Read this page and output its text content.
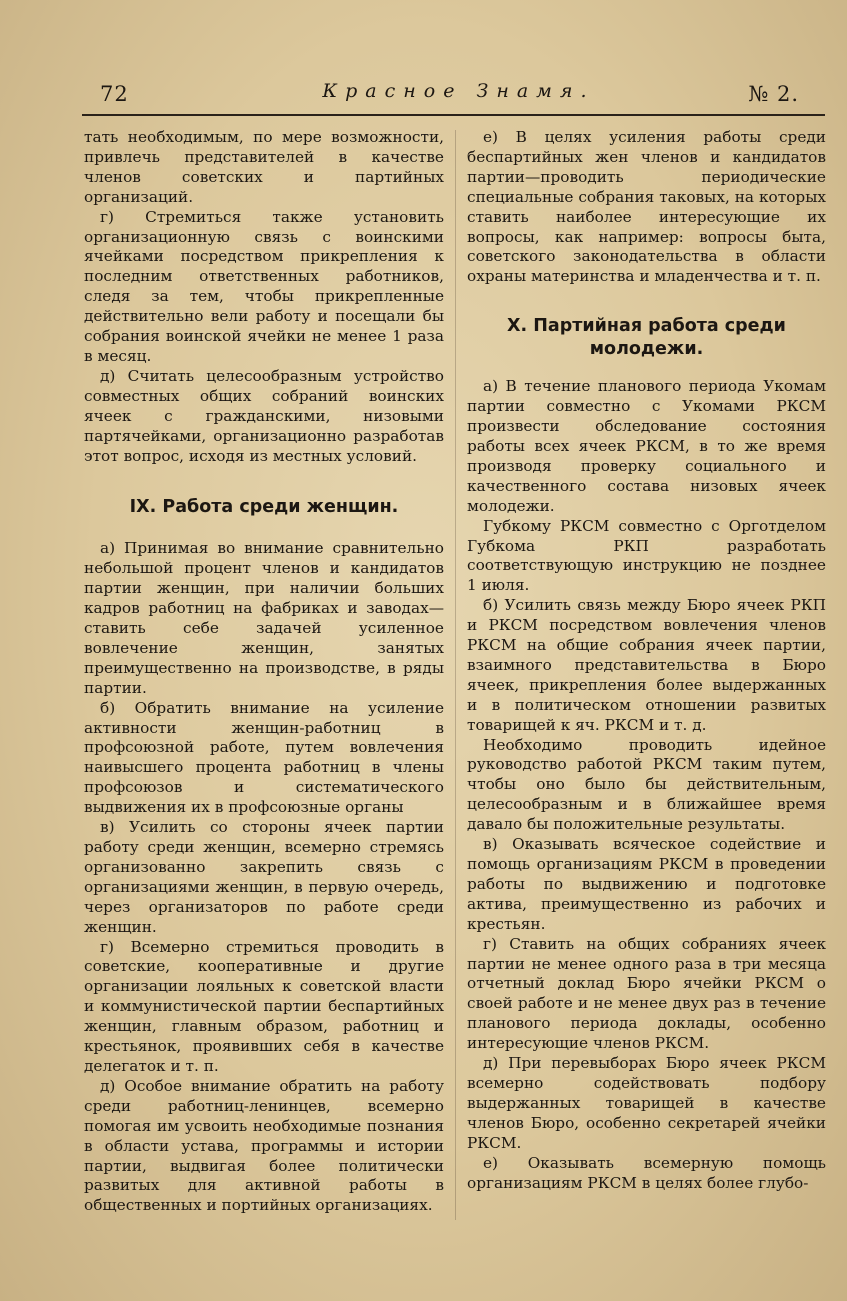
72	Красное Знамя.	№ 2.

тать необходимым, по мере возможности, привлечь представителей в качестве членов советских и партийных организаций.

г) Стремиться также установить организационную связь с воинскими ячейками посредством прикрепления к последним ответственных работников, следя за тем, чтобы прикрепленные действительно вели работу и посещали бы собрания воинской ячейки не менее 1 раза в месяц.

д) Считать целесообразным устройство совместных общих собраний воинских ячеек с гражданскими, низовыми партячейками, организационно разработав этот вопрос, исходя из местных условий.

IX. Работа среди женщин.

а) Принимая во внимание сравнительно небольшой процент членов и кандидатов партии женщин, при наличии больших кадров работниц на фабриках и заводах—ставить себе задачей усиленное вовлечение женщин, занятых преимущественно на производстве, в ряды партии.

б) Обратить внимание на усиление активности женщин-работниц в профсоюзной работе, путем вовлечения наивысшего процента работниц в члены профсоюзов и систематического выдвижения их в профсоюзные органы

в) Усилить со стороны ячеек партии работу среди женщин, всемерно стремясь организованно закрепить связь с организациями женщин, в первую очередь, через организаторов по работе среди женщин.

г) Всемерно стремиться проводить в советские, кооперативные и другие организации лояльных к советской власти и коммунистической партии беспартийных женщин, главным образом, работниц и крестьянок, проявивших себя в качестве делегаток и т. п.

д) Особое внимание обратить на работу среди работниц-ленинцев, всемерно помогая им усвоить необходимые познания в области устава, программы и истории партии, выдвигая более политически развитых для активной работы в общественных и портийных организациях.

е) В целях усиления работы среди беспартийных жен членов и кандидатов партии—проводить периодические специальные собрания таковых, на которых ставить наиболее интересующие их вопросы, как например: вопросы быта, советского законодательства в области охраны материнства и младенчества и т. п.

X. Партийная работа среди молодежи.

а) В течение планового периода Укомам партии совместно с Укомами РКСМ произвести обследование состояния работы всех ячеек РКСМ, в то же время производя проверку социального и качественного состава низовых ячеек молодежи.

Губкому РКСМ совместно с Орготделом Губкома РКП разработать соответствующую инструкцию не позднее 1 июля.

б) Усилить связь между Бюро ячеек РКП и РКСМ посредством вовлечения членов РКСМ на общие собрания ячеек партии, взаимного представительства в Бюро ячеек, прикрепления более выдержанных и в политическом отношении развитых товарищей к яч. РКСМ и т. д.

Необходимо проводить идейное руководство работой РКСМ таким путем, чтобы оно было бы действительным, целесообразным и в ближайшее время давало бы положительные результаты.

в) Оказывать всяческое содействие и помощь организациям РКСМ в проведении работы по выдвижению и подготовке актива, преимущественно из рабочих и крестьян.

г) Ставить на общих собраниях ячеек партии не менее одного раза в три месяца отчетный доклад Бюро ячейки РКСМ о своей работе и не менее двух раз в течение планового периода доклады, особенно интересующие членов РКСМ.

д) При перевыборах Бюро ячеек РКСМ всемерно содействовать подбору выдержанных товарищей в качестве членов Бюро, особенно секретарей ячейки РКСМ.

е) Оказывать всемерную помощь организациям РКСМ в целях более глубо-
